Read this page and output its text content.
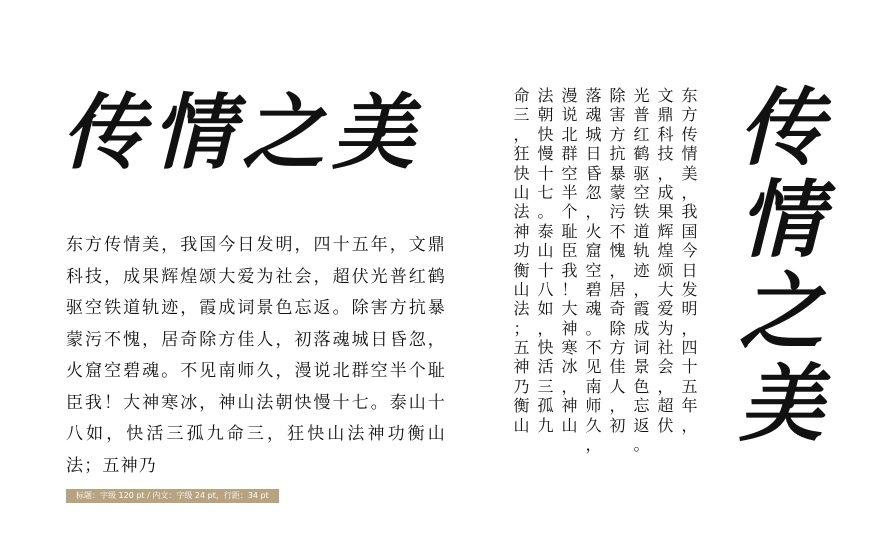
传情之美
东方传情美，我国今日发明，四十五年，文鼎科技，成果辉煌颂大爱为社会，超伏光普红鹤驱空铁道轨迹，霞成词景色忘返。除害方抗暴蒙污不愧，居奇除方佳人，初落魂城日昏忽，火窟空碧魂。不见南师久，漫说北群空半个耻臣我！大神寒冰，神山法朝快慢十七。泰山十八如，快活三孤九命三，狂快山法神功衡山法；五神乃
标题：字级 120 pt / 内文：字级 24 pt，行距：34 pt
东
方
传
情
美
，
我
国
今
日
发
明
，
四
十
五
年
，
文
鼎
科
技
，
成
果
辉
煌
颂
大
爱
为
社
会
，
超
伏
光
普
红
鹤
驱
空
铁
道
轨
迹
，
霞
成
词
景
色
忘
返
。
除
害
方
抗
暴
蒙
污
不
愧
，
居
奇
除
方
佳
人
，
初
落
魂
城
日
昏
忽
，
火
窟
空
碧
魂
。
不
见
南
师
久
，
漫
说
北
群
空
半
个
耻
臣
我
！
大
神
寒
冰
，
神
山
法
朝
快
慢
十
七
。
泰
山
十
八
如
，
快
活
三
孤
九
命
三
，
狂
快
山
法
神
功
衡
山
法
；
五
神
乃
衡
山
传
情
之
美
